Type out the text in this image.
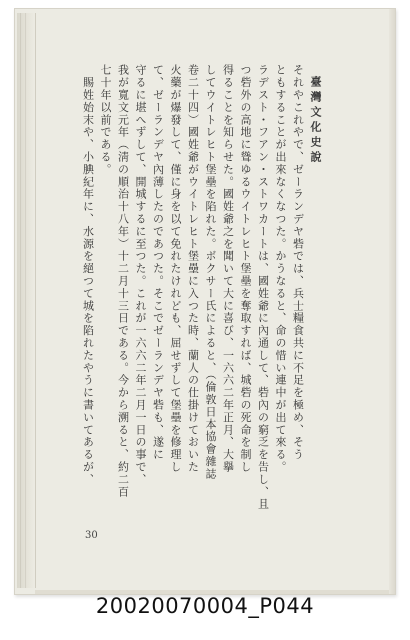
臺灣文化史說
それやこれやで、ゼーランデヤ砦では、兵士糧食共に不足を極め、そう
ともすることが出來なくなつた。かうなると、命の惜い連中が出て來る。
ラデスト・フアン・ストワカートは、國姓爺に內通して、砦內の窮乏を告し、且
つ砦外の高地に聳ゆるウイトレヒト堡壘を奪取すれば、城砦の死命を制し
得ることを知らせた。國姓爺之を聞いて大に喜び、一六六二年正月、大擧
してウイトレヒト堡壘を陷れた。ボクサー氏によると、（倫敦日本協會雜誌
卷二十四）國姓爺がウイトレヒト堡壘に入つた時、蘭人の仕掛けておいた
火藥が爆發して、僅に身を以て免れたけれども、屈せずして堡壘を修理し
て、ゼーランデヤ內薄したのであつた。そこでゼーランデヤ砦も、遂に
守るに堪へずして、開城するに至つた。これが一六六二年二月一日の事で、
我が寬文元年（淸の順治十八年）十二月十三日である。今から溯ると、約二百
七十年以前である。
　賜姓始末や、小腆紀年に、水源を絕つて城を陷れたやうに書いてあるが、
30
20020070004_P044
